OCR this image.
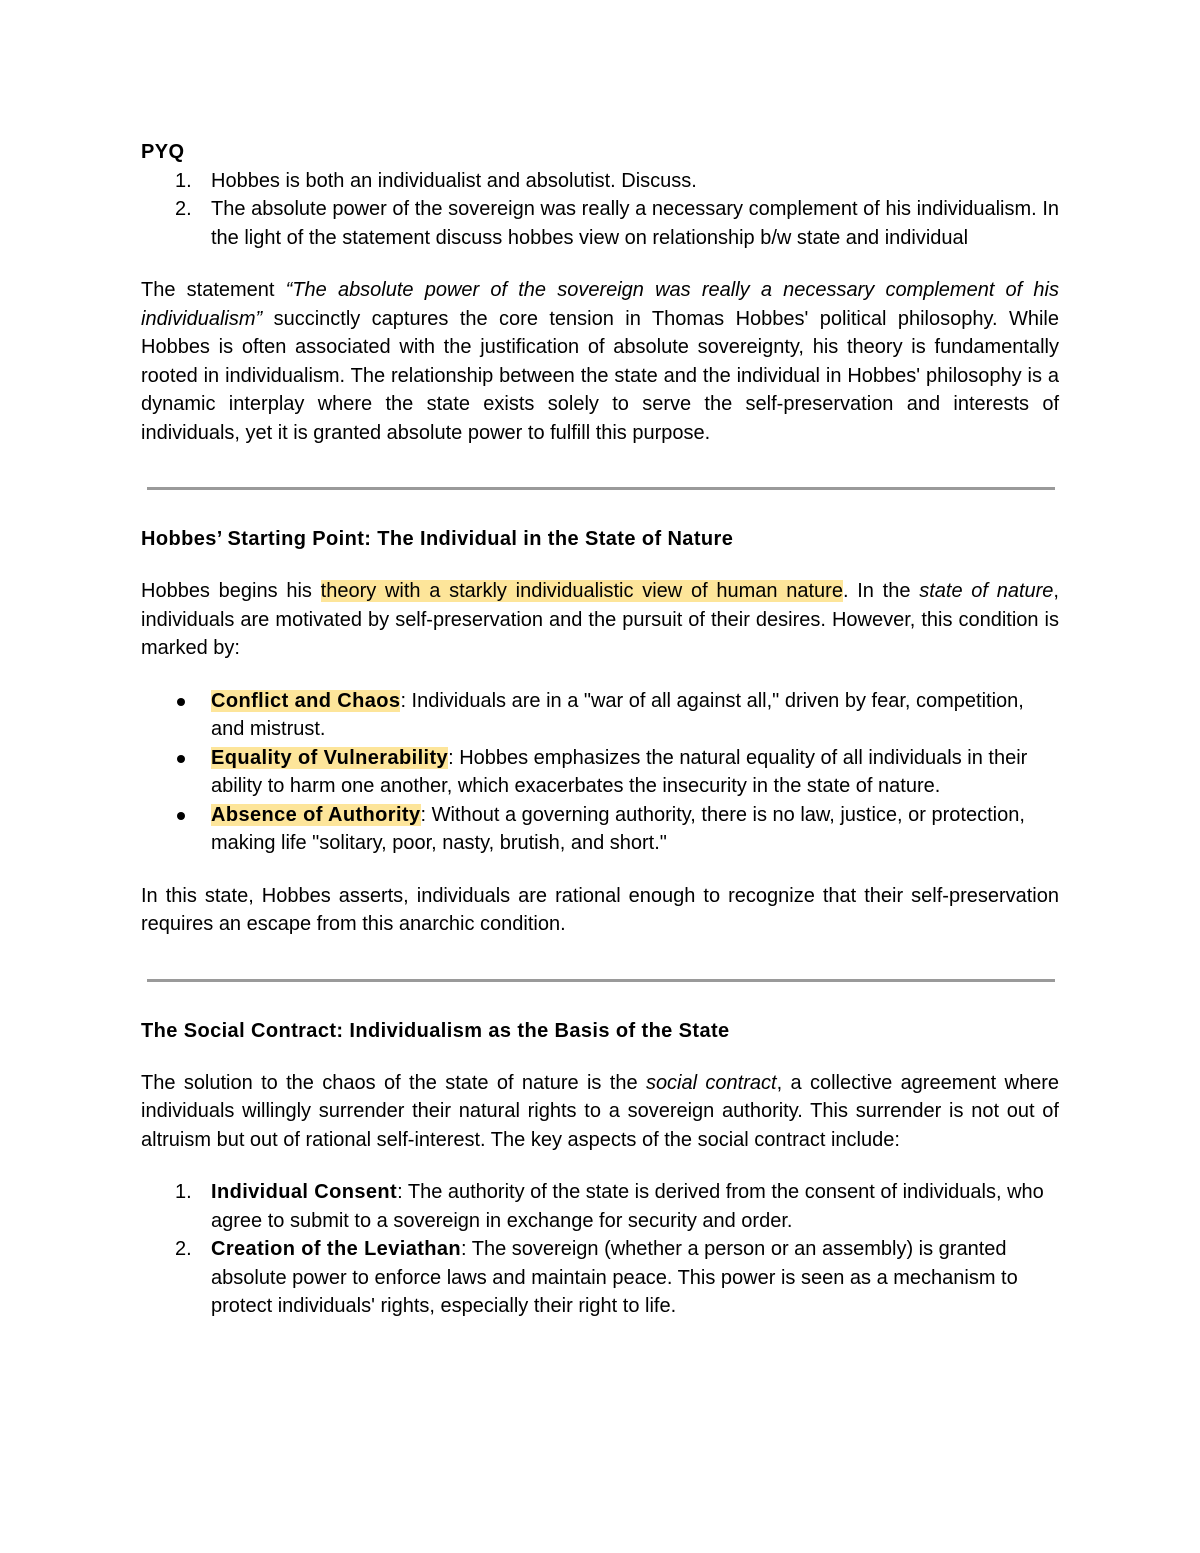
PYQ
1. Hobbes is both an individualist and absolutist. Discuss.
2. The absolute power of the sovereign was really a necessary complement of his individualism. In the light of the statement discuss hobbes view on relationship b/w state and individual

The statement “The absolute power of the sovereign was really a necessary complement of his individualism” succinctly captures the core tension in Thomas Hobbes' political philosophy. While Hobbes is often associated with the justification of absolute sovereignty, his theory is fundamentally rooted in individualism. The relationship between the state and the individual in Hobbes' philosophy is a dynamic interplay where the state exists solely to serve the self-preservation and interests of individuals, yet it is granted absolute power to fulfill this purpose.

Hobbes’ Starting Point: The Individual in the State of Nature

Hobbes begins his theory with a starkly individualistic view of human nature. In the state of nature, individuals are motivated by self-preservation and the pursuit of their desires. However, this condition is marked by:

Conflict and Chaos: Individuals are in a "war of all against all," driven by fear, competition, and mistrust.
Equality of Vulnerability: Hobbes emphasizes the natural equality of all individuals in their ability to harm one another, which exacerbates the insecurity in the state of nature.
Absence of Authority: Without a governing authority, there is no law, justice, or protection, making life "solitary, poor, nasty, brutish, and short."

In this state, Hobbes asserts, individuals are rational enough to recognize that their self-preservation requires an escape from this anarchic condition.

The Social Contract: Individualism as the Basis of the State

The solution to the chaos of the state of nature is the social contract, a collective agreement where individuals willingly surrender their natural rights to a sovereign authority. This surrender is not out of altruism but out of rational self-interest. The key aspects of the social contract include:

1. Individual Consent: The authority of the state is derived from the consent of individuals, who agree to submit to a sovereign in exchange for security and order.
2. Creation of the Leviathan: The sovereign (whether a person or an assembly) is granted absolute power to enforce laws and maintain peace. This power is seen as a mechanism to protect individuals' rights, especially their right to life.
